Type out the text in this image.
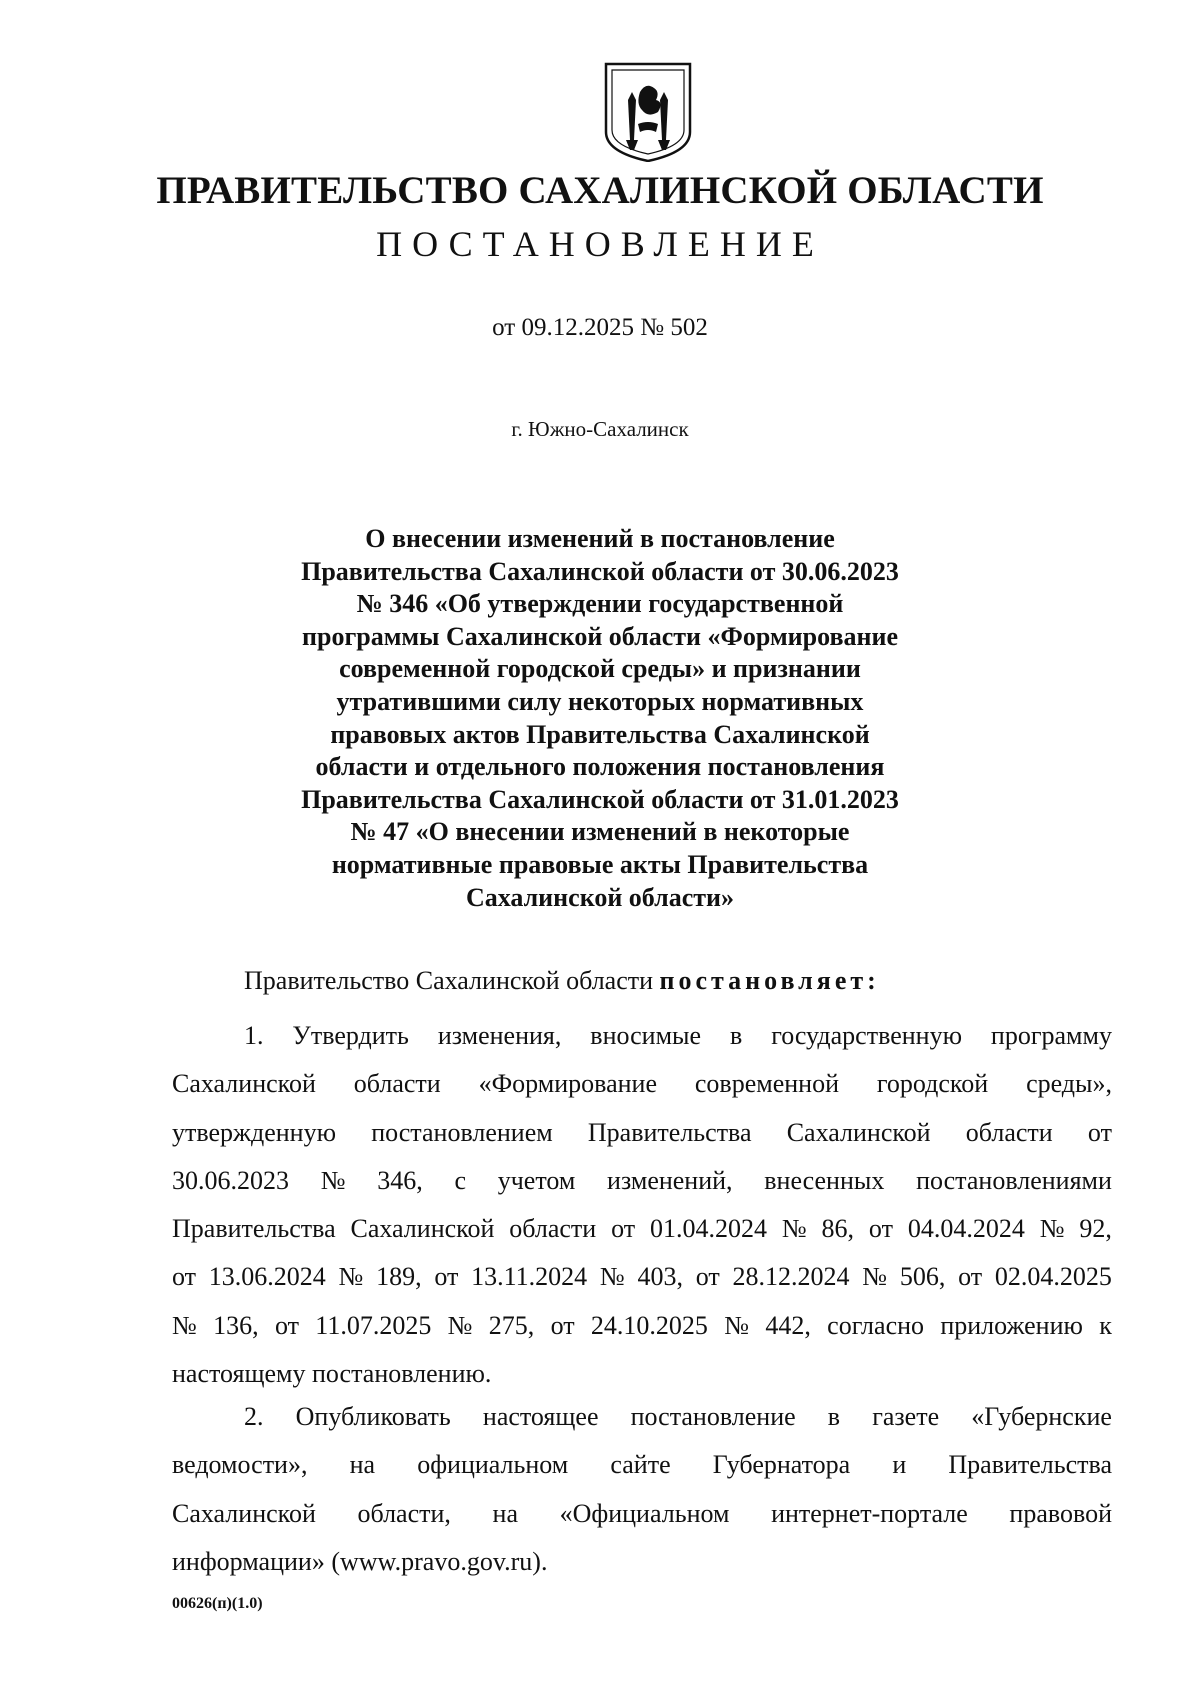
ПРАВИТЕЛЬСТВО САХАЛИНСКОЙ ОБЛАСТИ
ПОСТАНОВЛЕНИЕ
от 09.12.2025 № 502
г. Южно-Сахалинск
О внесении изменений в постановление
Правительства Сахалинской области от 30.06.2023
№ 346 «Об утверждении государственной
программы Сахалинской области «Формирование
современной городской среды» и признании
утратившими силу некоторых нормативных
правовых актов Правительства Сахалинской
области и отдельного положения постановления
Правительства Сахалинской области от 31.01.2023
№ 47 «О внесении изменений в некоторые
нормативные правовые акты Правительства
Сахалинской области»
Правительство Сахалинской области постановляет:
1. Утвердить изменения, вносимые в государственную программу
Сахалинской области «Формирование современной городской среды»,
утвержденную постановлением Правительства Сахалинской области от
30.06.2023 № 346, с учетом изменений, внесенных постановлениями
Правительства Сахалинской области от 01.04.2024 № 86, от 04.04.2024 № 92,
от 13.06.2024 № 189, от 13.11.2024 № 403, от 28.12.2024 № 506, от 02.04.2025
№ 136, от 11.07.2025 № 275, от 24.10.2025 № 442, согласно приложению к
настоящему постановлению.
2. Опубликовать настоящее постановление в газете «Губернские
ведомости», на официальном сайте Губернатора и Правительства
Сахалинской области, на «Официальном интернет-портале правовой
информации» (www.pravo.gov.ru).
00626(п)(1.0)
